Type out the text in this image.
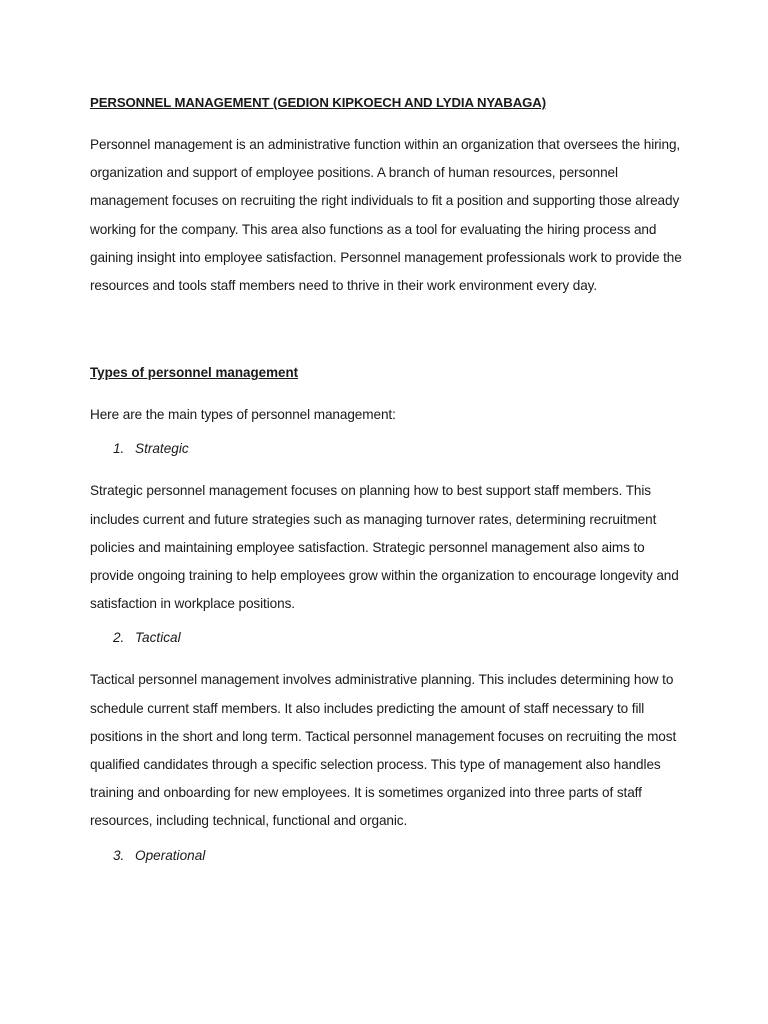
PERSONNEL MANAGEMENT (GEDION KIPKOECH AND LYDIA NYABAGA)

Personnel management is an administrative function within an organization that oversees the hiring, organization and support of employee positions. A branch of human resources, personnel management focuses on recruiting the right individuals to fit a position and supporting those already working for the company. This area also functions as a tool for evaluating the hiring process and gaining insight into employee satisfaction. Personnel management professionals work to provide the resources and tools staff members need to thrive in their work environment every day.

Types of personnel management

Here are the main types of personnel management:

1. Strategic

Strategic personnel management focuses on planning how to best support staff members. This includes current and future strategies such as managing turnover rates, determining recruitment policies and maintaining employee satisfaction. Strategic personnel management also aims to provide ongoing training to help employees grow within the organization to encourage longevity and satisfaction in workplace positions.

2. Tactical

Tactical personnel management involves administrative planning. This includes determining how to schedule current staff members. It also includes predicting the amount of staff necessary to fill positions in the short and long term. Tactical personnel management focuses on recruiting the most qualified candidates through a specific selection process. This type of management also handles training and onboarding for new employees. It is sometimes organized into three parts of staff resources, including technical, functional and organic.

3. Operational
